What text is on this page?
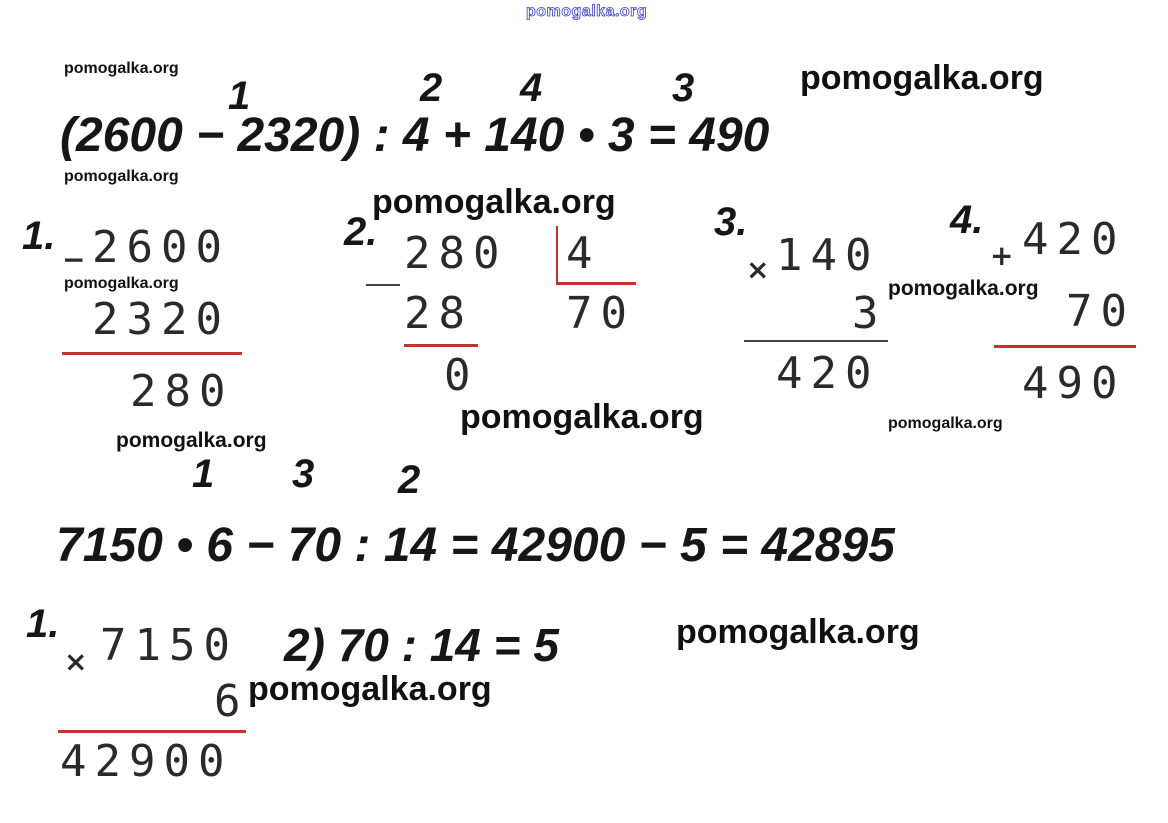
pomogalka.org
pomogalka.org	pomogalka.org
pomogalka.org
pomogalka.org
pomogalka.org	pomogalka.org
pomogalka.org
pomogalka.org
pomogalka.org
pomogalka.org
pomogalka.org
1	2 4	3
(2600 − 2320) : 4 + 140 • 3 = 490
1.
− 2600
2320
280
2. 280 4
70
28
0
3.
× 140
3
420
4.
+ 420
70
490
1 3 2
7150 • 6 − 70 : 14 = 42900 − 5 = 42895
1.
× 7150
6
42900
2) 70 : 14 = 5
